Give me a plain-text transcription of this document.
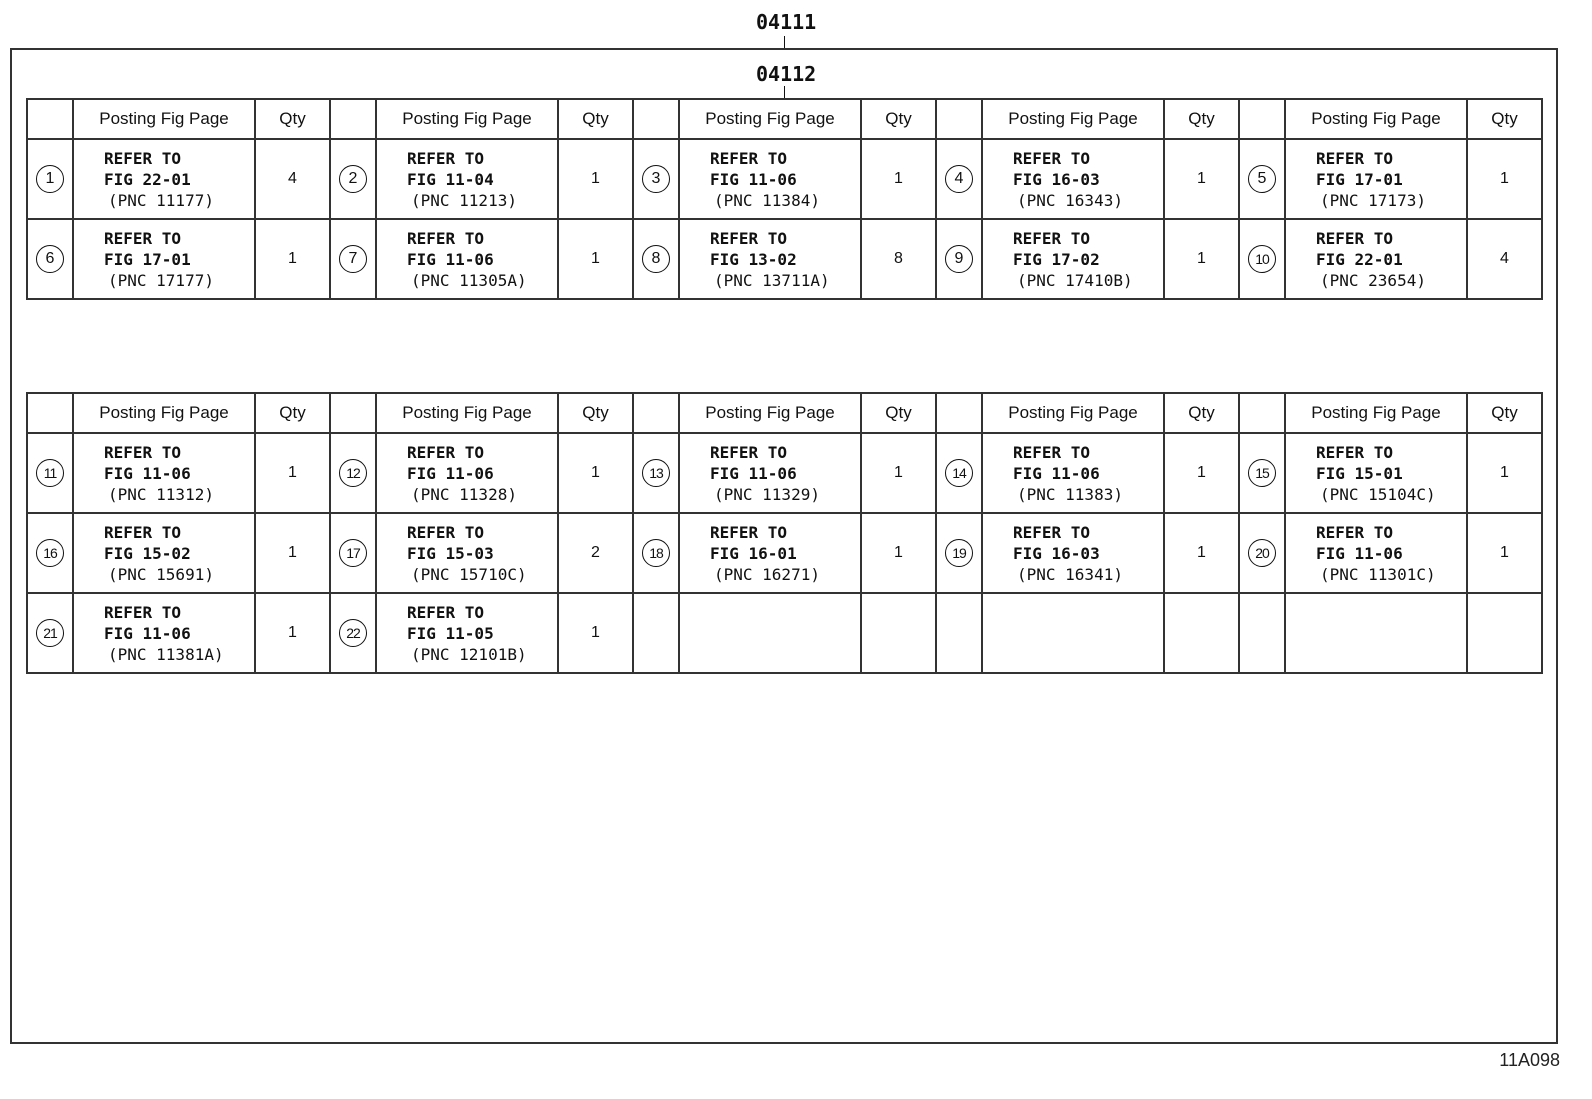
04111
04112
	Posting Fig Page	Qty		Posting Fig Page	Qty		Posting Fig Page	Qty		Posting Fig Page	Qty		Posting Fig Page	Qty
1	REFER TO
FIG 22-01
(PNC 11177)	4	2	REFER TO
FIG 11-04
(PNC 11213)	1	3	REFER TO
FIG 11-06
(PNC 11384)	1	4	REFER TO
FIG 16-03
(PNC 16343)	1	5	REFER TO
FIG 17-01
(PNC 17173)	1
6	REFER TO
FIG 17-01
(PNC 17177)	1	7	REFER TO
FIG 11-06
(PNC 11305A)	1	8	REFER TO
FIG 13-02
(PNC 13711A)	8	9	REFER TO
FIG 17-02
(PNC 17410B)	1	10	REFER TO
FIG 22-01
(PNC 23654)	4
	Posting Fig Page	Qty		Posting Fig Page	Qty		Posting Fig Page	Qty		Posting Fig Page	Qty		Posting Fig Page	Qty
11	REFER TO
FIG 11-06
(PNC 11312)	1	12	REFER TO
FIG 11-06
(PNC 11328)	1	13	REFER TO
FIG 11-06
(PNC 11329)	1	14	REFER TO
FIG 11-06
(PNC 11383)	1	15	REFER TO
FIG 15-01
(PNC 15104C)	1
16	REFER TO
FIG 15-02
(PNC 15691)	1	17	REFER TO
FIG 15-03
(PNC 15710C)	2	18	REFER TO
FIG 16-01
(PNC 16271)	1	19	REFER TO
FIG 16-03
(PNC 16341)	1	20	REFER TO
FIG 11-06
(PNC 11301C)	1
21	REFER TO
FIG 11-06
(PNC 11381A)	1	22	REFER TO
FIG 11-05
(PNC 12101B)	1									
11A098
